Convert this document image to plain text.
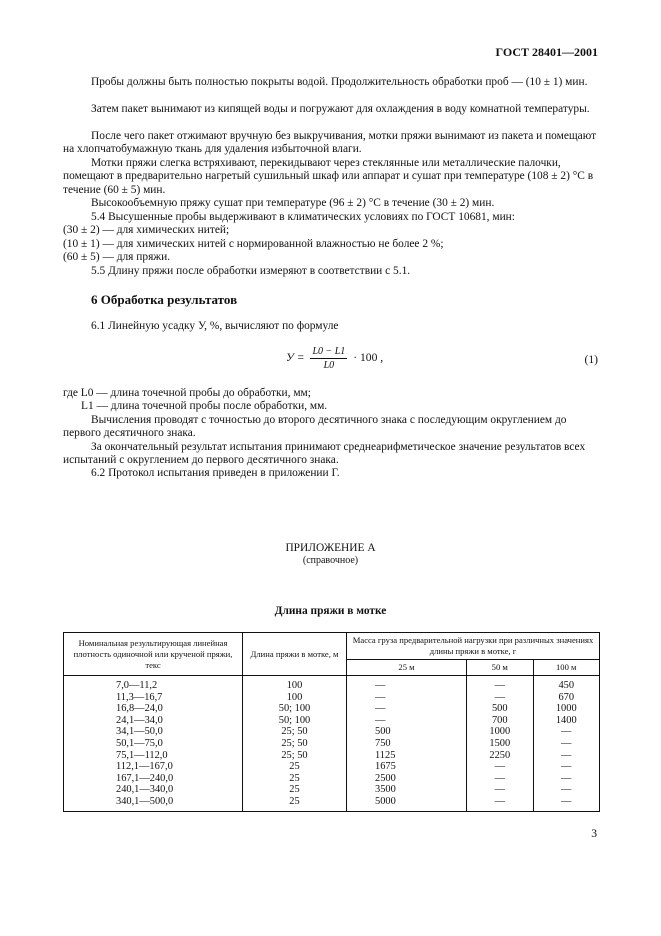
ГОСТ 28401—2001
Пробы должны быть полностью покрыты водой. Продолжительность обработки проб — (10 ± 1) мин.
Затем пакет вынимают из кипящей воды и погружают для охлаждения в воду комнатной температуры.
После чего пакет отжимают вручную без выкручивания, мотки пряжи вынимают из пакета и помещают на хлопчатобумажную ткань для удаления избыточной влаги.
Мотки пряжи слегка встряхивают, перекидывают через стеклянные или металлические палочки, помещают в предварительно нагретый сушильный шкаф или аппарат и сушат при температуре (108 ± 2) °С в течение (60 ± 5) мин.
Высокообъемную пряжу сушат при температуре (96 ± 2) °С в течение (30 ± 2) мин.
5.4 Высушенные пробы выдерживают в климатических условиях по ГОСТ 10681, мин:
(30 ± 2) — для химических нитей;
(10 ± 1) — для химических нитей с нормированной влажностью не более 2 %;
(60 ± 5) — для пряжи.
5.5 Длину пряжи после обработки измеряют в соответствии с 5.1.
6 Обработка результатов
6.1 Линейную усадку У, %, вычисляют по формуле
$У = \frac{L0 - L1}{L0} \cdot 100$ ,	(1)
где L0 — длина точечной пробы до обработки, мм;
L1 — длина точечной пробы после обработки, мм.
Вычисления проводят с точностью до второго десятичного знака с последующим округлением до первого десятичного знака.
За окончательный результат испытания принимают среднеарифметическое значение результатов всех испытаний с округлением до первого десятичного знака.
6.2 Протокол испытания приведен в приложении Г.
ПРИЛОЖЕНИЕ А
(справочное)
Длина пряжи в мотке
Номинальная результирующая линейная плотность одиночной или крученой пряжи, текс	Длина пряжи в мотке, м	Масса груза предварительной нагрузки при различных значениях длины пряжи в мотке, г		
		25 м	50 м	100 м
7,0—11,2	100	—	—	450
11,3—16,7	100	—	—	670
16,8—24,0	50; 100	—	500	1000
24,1—34,0	50; 100	—	700	1400
34,1—50,0	25; 50	500	1000	—
50,1—75,0	25; 50	750	1500	—
75,1—112,0	25; 50	1125	2250	—
112,1—167,0	25	1675	—	—
167,1—240,0	25	2500	—	—
240,1—340,0	25	3500	—	—
340,1—500,0	25	5000	—	—
3
